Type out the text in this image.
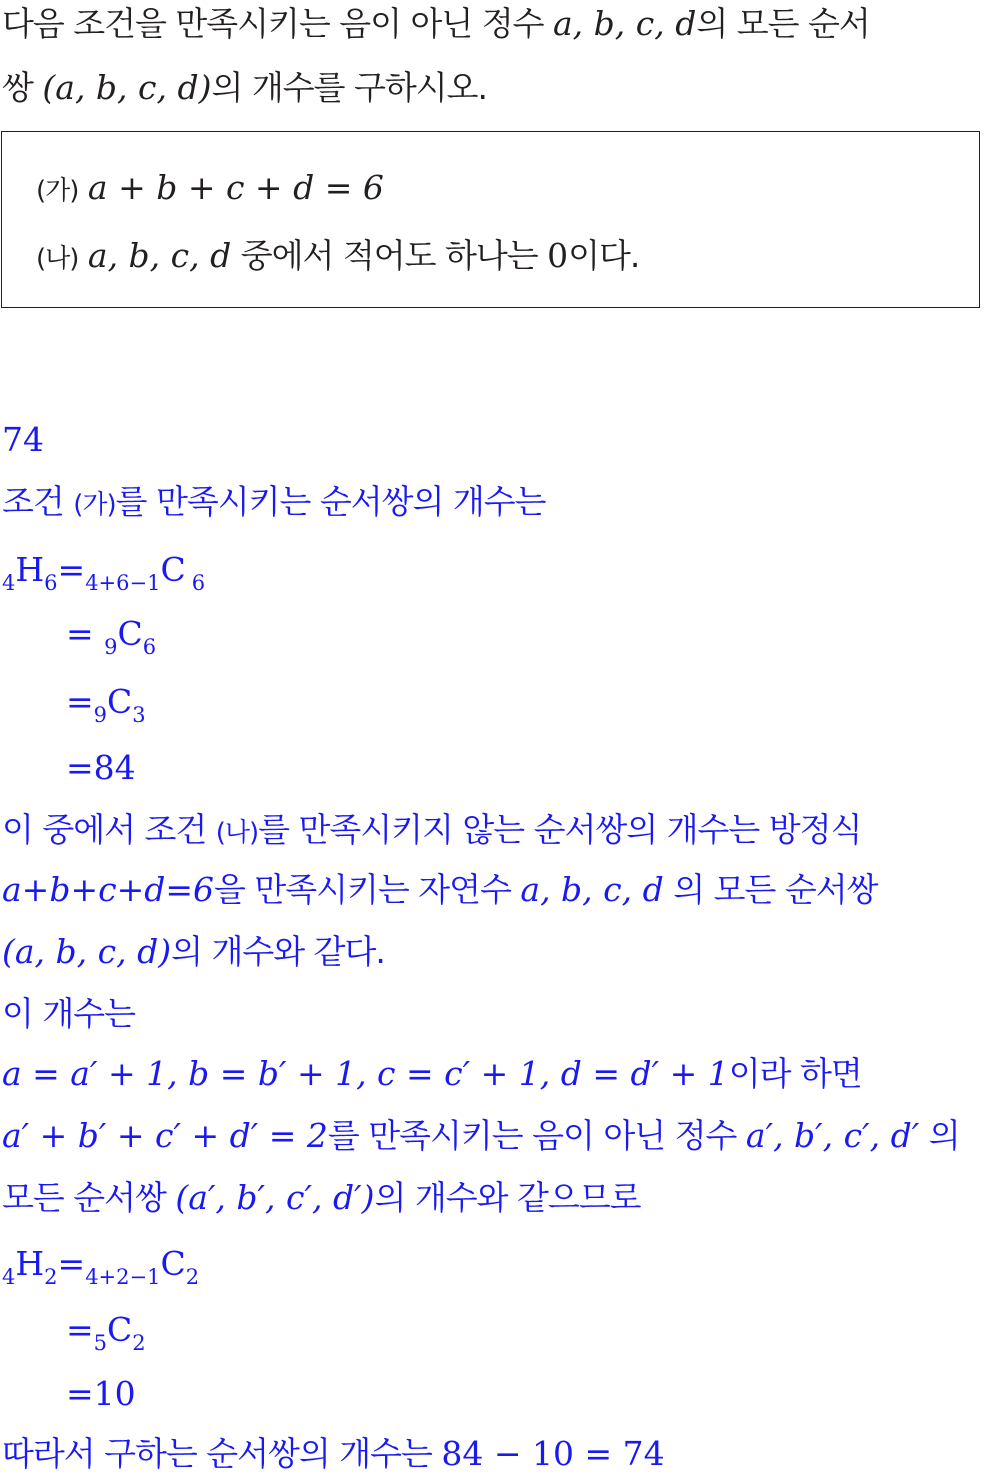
다음 조건을 만족시키는 음이 아닌 정수 a, b, c, d의 모든 순서
쌍 (a, b, c, d)의 개수를 구하시오.
(가) a + b + c + d = 6
(나) a, b, c, d 중에서 적어도 하나는 0이다.
74
조건 (가)를 만족시키는 순서쌍의 개수는
$_4H_6=_{4+6-1}C$ $_6$
= $_9C_6$
$=_9C_3$
=84
이 중에서 조건 (나)를 만족시키지 않는 순서쌍의 개수는 방정식
a+b+c+d=6을 만족시키는 자연수 a, b, c, d 의 모든 순서쌍
(a, b, c, d)의 개수와 같다.
이 개수는
a = a′ + 1, b = b′ + 1, c = c′ + 1, d = d′ + 1이라 하면
a′ + b′ + c′ + d′ = 2를 만족시키는 음이 아닌 정수 a′, b′, c′, d′ 의
모든 순서쌍 (a′, b′, c′, d′)의 개수와 같으므로
$_4H_2=_{4+2-1}C_2$
$=_5C_2$
=10
따라서 구하는 순서쌍의 개수는 84 − 10 = 74
